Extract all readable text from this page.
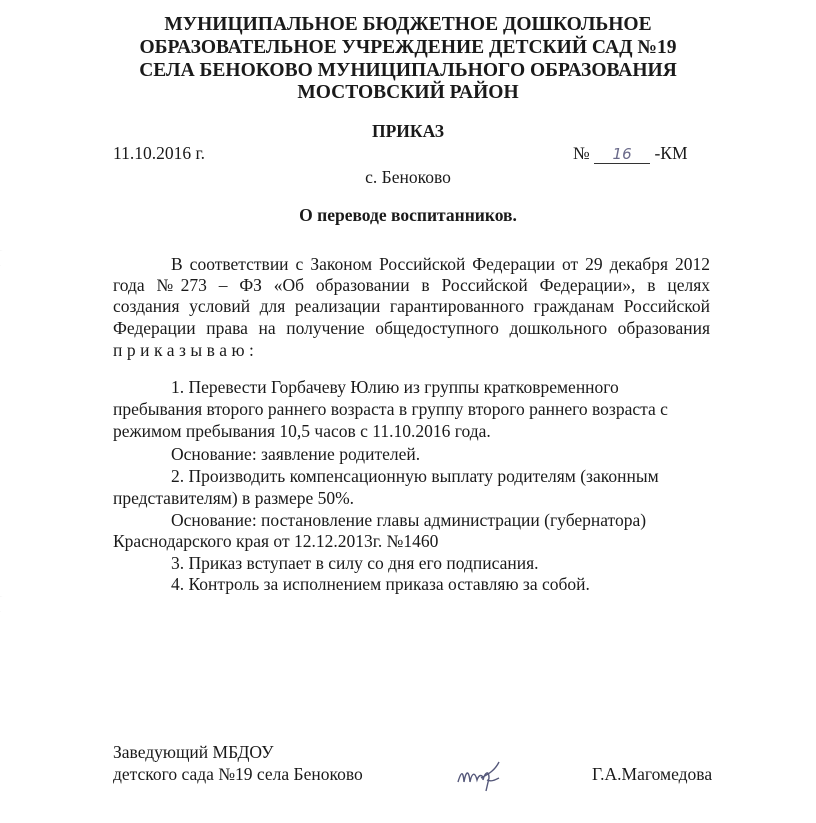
МУНИЦИПАЛЬНОЕ БЮДЖЕТНОЕ ДОШКОЛЬНОЕ
ОБРАЗОВАТЕЛЬНОЕ УЧРЕЖДЕНИЕ ДЕТСКИЙ САД №19
СЕЛА БЕНОКОВО МУНИЦИПАЛЬНОГО ОБРАЗОВАНИЯ
МОСТОВСКИЙ РАЙОН
ПРИКАЗ
11.10.2016 г.	№ 16 -КМ
с. Беноково
О переводе воспитанников.
В соответствии с Законом Российской Федерации от 29 декабря 2012
года №273 – ФЗ «Об образовании в Российской Федерации», в целях
создания условий для реализации гарантированного гражданам Российской
Федерации права на получение общедоступного дошкольного образования
приказываю:
1. Перевести Горбачеву Юлию из группы кратковременного
пребывания второго раннего возраста в группу второго раннего возраста с
режимом пребывания 10,5 часов с 11.10.2016 года.
Основание: заявление родителей.
2. Производить компенсационную выплату родителям (законным
представителям) в размере 50%.
Основание: постановление главы администрации (губернатора)
Краснодарского края от 12.12.2013г. №1460
3. Приказ вступает в силу со дня его подписания.
4. Контроль за исполнением приказа оставляю за собой.
Заведующий МБДОУ
детского сада №19 села Беноково	Г.А.Магомедова
